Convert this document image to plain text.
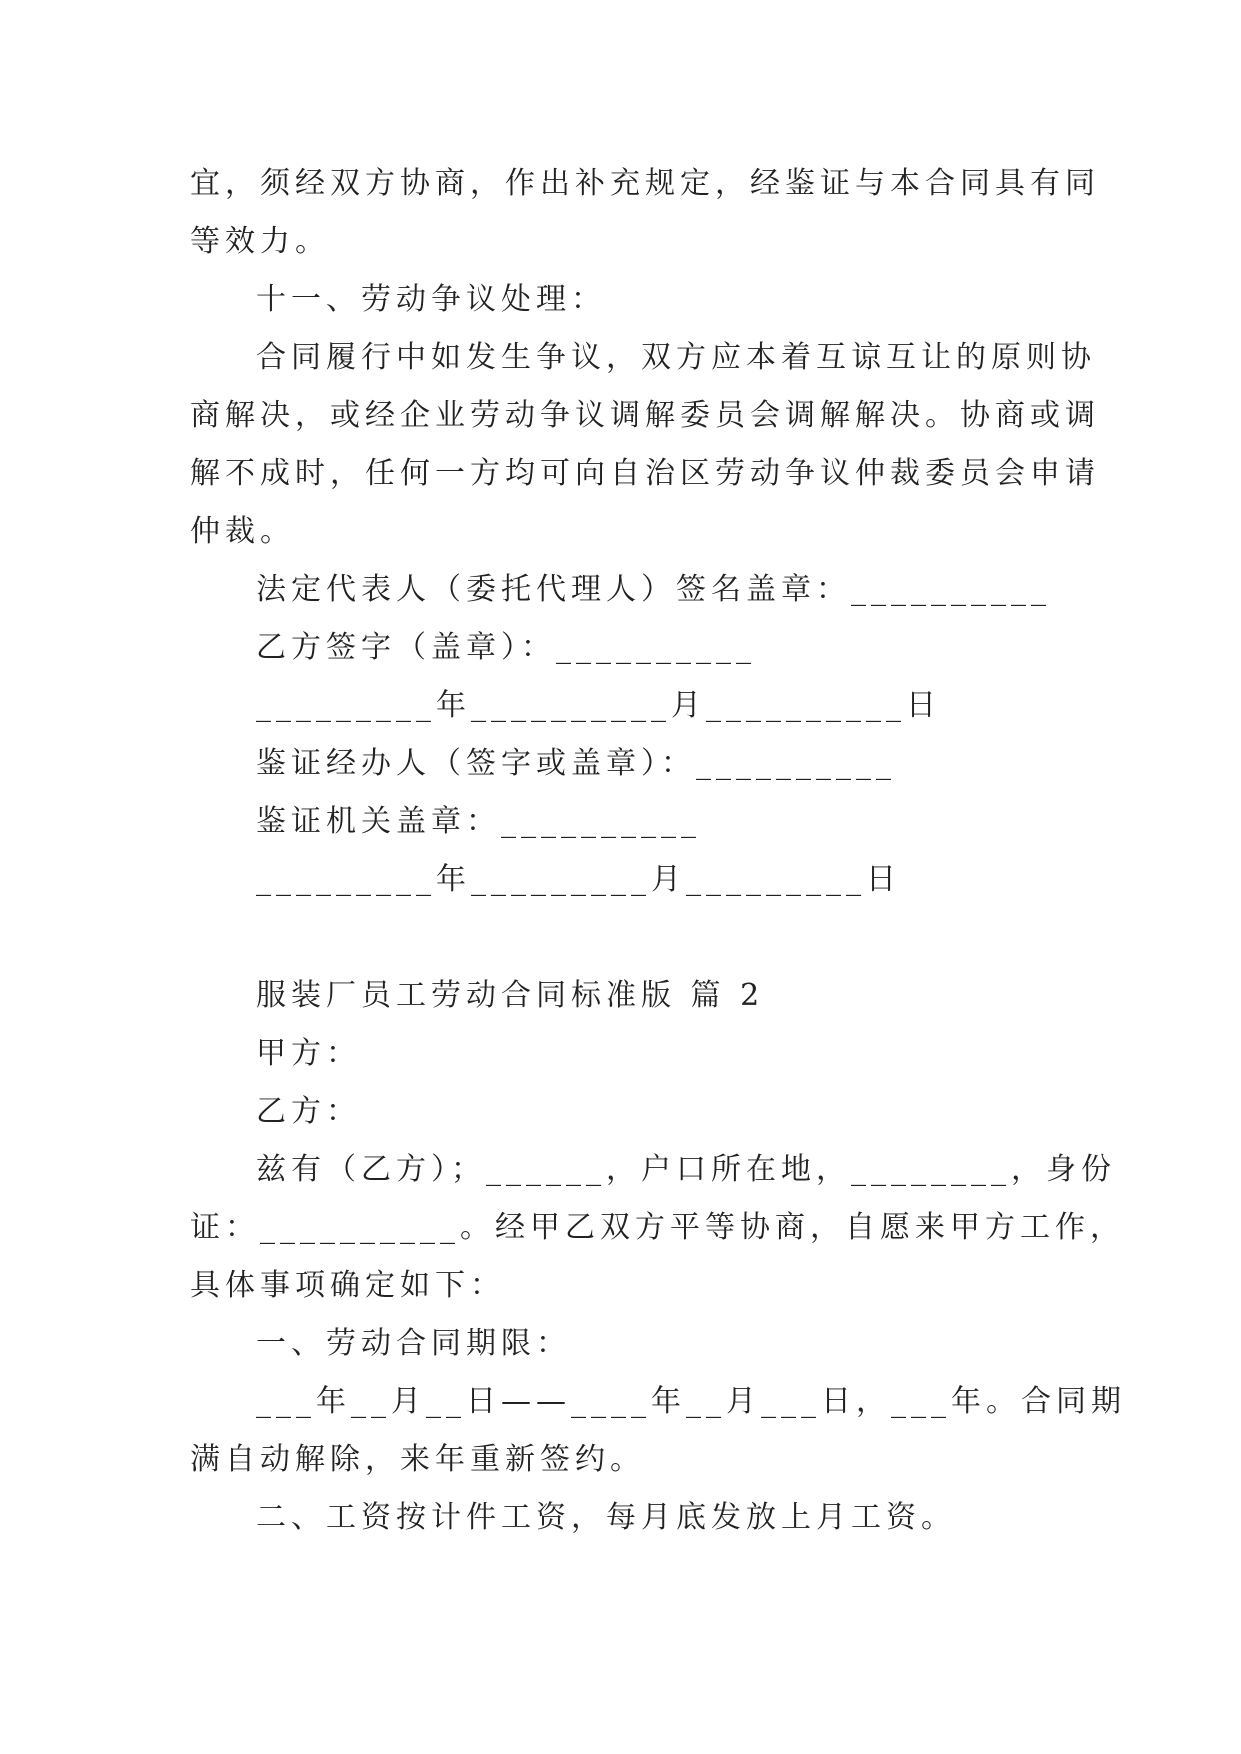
宜，须经双方协商，作出补充规定，经鉴证与本合同具有同
等效力。
十一、劳动争议处理：
合同履行中如发生争议，双方应本着互谅互让的原则协
商解决，或经企业劳动争议调解委员会调解解决。协商或调
解不成时，任何一方均可向自治区劳动争议仲裁委员会申请
仲裁。
法定代表人（委托代理人）签名盖章：__________
乙方签字（盖章）：__________
_________年__________月__________日
鉴证经办人（签字或盖章）：__________
鉴证机关盖章：__________
_________年_________月_________日
服装厂员工劳动合同标准版 篇 2
甲方：
乙方：
兹有（乙方）；______，户口所在地，________，身份
证：__________。经甲乙双方平等协商，自愿来甲方工作，
具体事项确定如下：
一、劳动合同期限：
___年__月__日——____年__月___日，___年。合同期
满自动解除，来年重新签约。
二、工资按计件工资，每月底发放上月工资。
